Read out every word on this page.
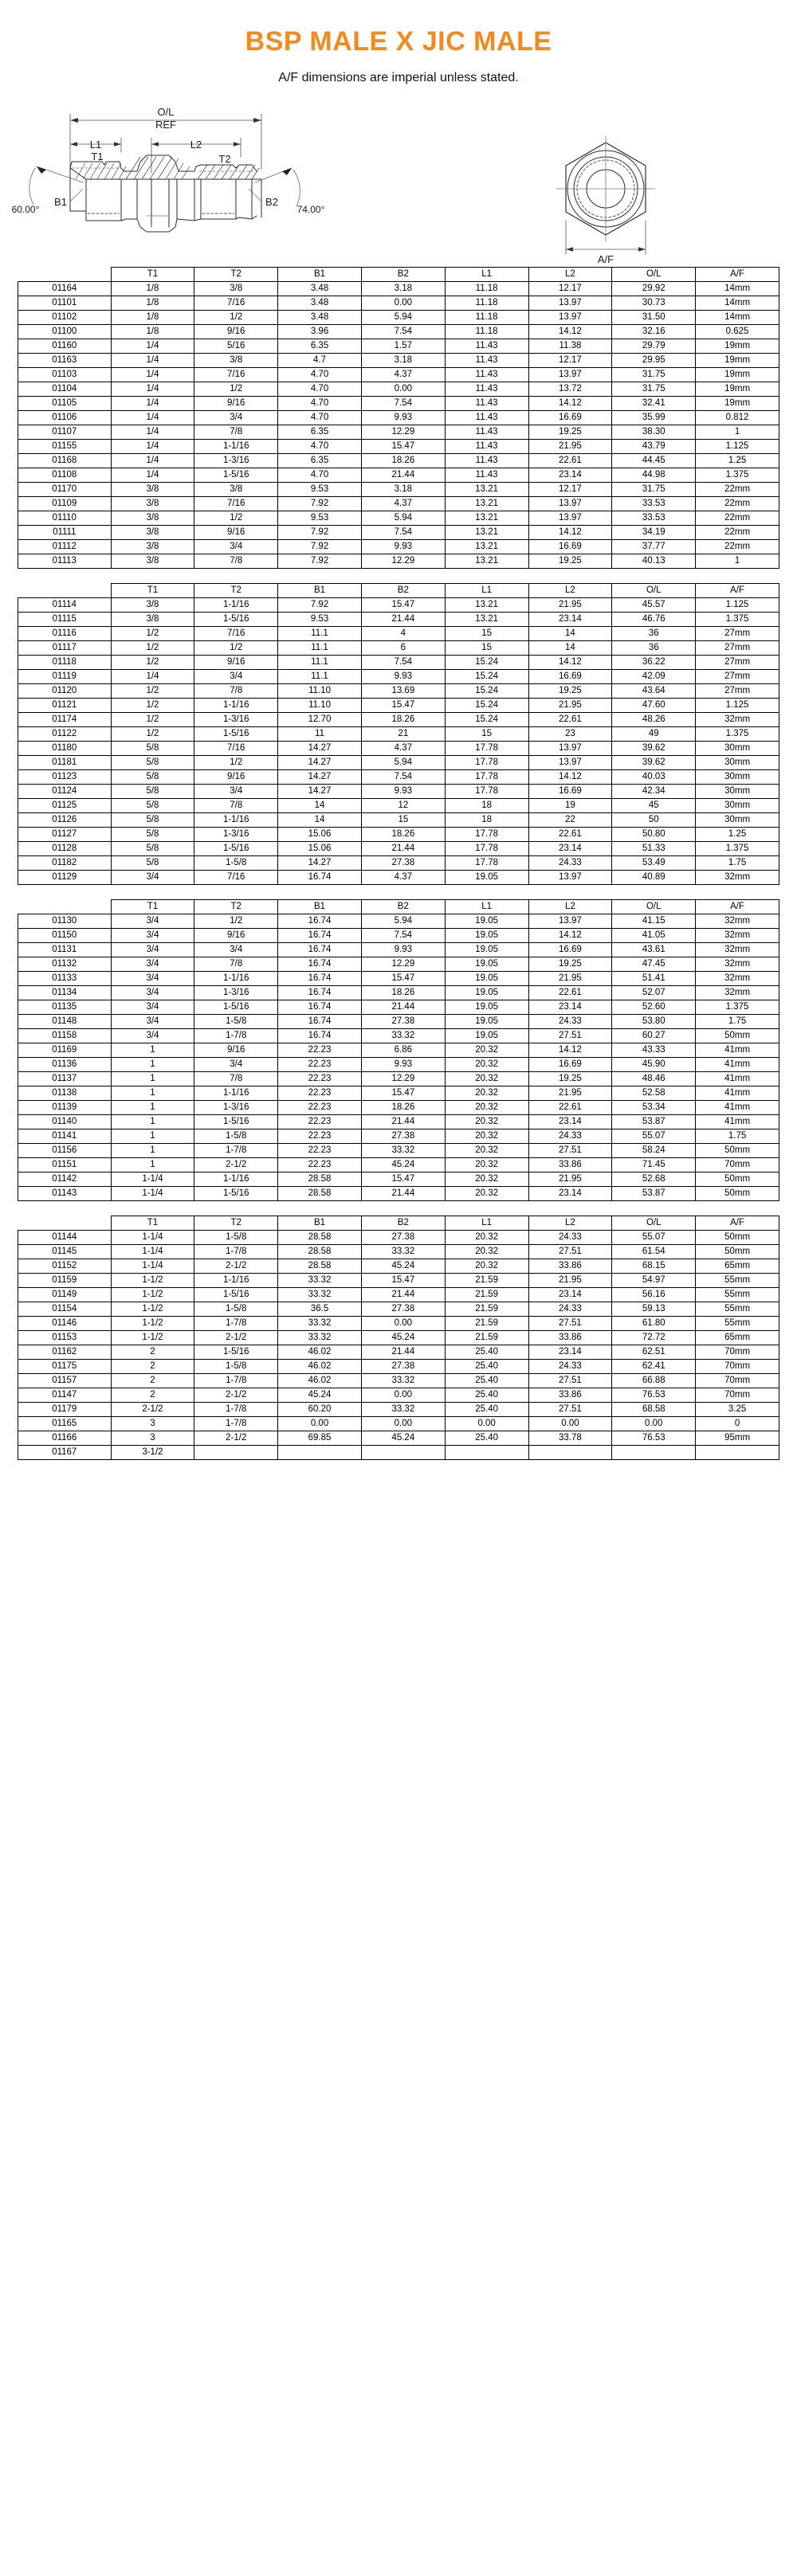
BSP MALE X JIC MALE

A/F dimensions are imperial unless stated.

O/L
REF
L1	L2
T1	T2
B1	B2
60.00°	74.00°
A/F
	T1	T2	B1	B2	L1	L2	O/L	A/F
01164	1/8	3/8	3.48	3.18	11.18	12.17	29.92	14mm
01101	1/8	7/16	3.48	0.00	11.18	13.97	30.73	14mm
01102	1/8	1/2	3.48	5.94	11.18	13.97	31.50	14mm
01100	1/8	9/16	3.96	7.54	11.18	14.12	32.16	0.625
01160	1/4	5/16	6.35	1.57	11.43	11.38	29.79	19mm
01163	1/4	3/8	4.7	3.18	11.43	12.17	29.95	19mm
01103	1/4	7/16	4.70	4.37	11.43	13.97	31.75	19mm
01104	1/4	1/2	4.70	0.00	11.43	13.72	31.75	19mm
01105	1/4	9/16	4.70	7.54	11.43	14.12	32.41	19mm
01106	1/4	3/4	4.70	9.93	11.43	16.69	35.99	0.812
01107	1/4	7/8	6.35	12.29	11.43	19.25	38.30	1
01155	1/4	1-1/16	4.70	15.47	11.43	21.95	43.79	1.125
01168	1/4	1-3/16	6.35	18.26	11.43	22.61	44.45	1.25
01108	1/4	1-5/16	4.70	21.44	11.43	23.14	44.98	1.375
01170	3/8	3/8	9.53	3.18	13.21	12.17	31.75	22mm
01109	3/8	7/16	7.92	4.37	13.21	13.97	33.53	22mm
01110	3/8	1/2	9.53	5.94	13.21	13.97	33.53	22mm
01111	3/8	9/16	7.92	7.54	13.21	14.12	34.19	22mm
01112	3/8	3/4	7.92	9.93	13.21	16.69	37.77	22mm
01113	3/8	7/8	7.92	12.29	13.21	19.25	40.13	1
	T1	T2	B1	B2	L1	L2	O/L	A/F
01114	3/8	1-1/16	7.92	15.47	13.21	21.95	45.57	1.125
01115	3/8	1-5/16	9.53	21.44	13.21	23.14	46.76	1.375
01116	1/2	7/16	11.1	4	15	14	36	27mm
01117	1/2	1/2	11.1	6	15	14	36	27mm
01118	1/2	9/16	11.1	7.54	15.24	14.12	36.22	27mm
01119	1/4	3/4	11.1	9.93	15.24	16.69	42.09	27mm
01120	1/2	7/8	11.10	13.69	15.24	19.25	43.64	27mm
01121	1/2	1-1/16	11.10	15.47	15.24	21.95	47.60	1.125
01174	1/2	1-3/16	12.70	18.26	15.24	22.61	48.26	32mm
01122	1/2	1-5/16	11	21	15	23	49	1.375
01180	5/8	7/16	14.27	4.37	17.78	13.97	39.62	30mm
01181	5/8	1/2	14.27	5.94	17.78	13.97	39.62	30mm
01123	5/8	9/16	14.27	7.54	17.78	14.12	40.03	30mm
01124	5/8	3/4	14.27	9.93	17.78	16.69	42.34	30mm
01125	5/8	7/8	14	12	18	19	45	30mm
01126	5/8	1-1/16	14	15	18	22	50	30mm
01127	5/8	1-3/16	15.06	18.26	17.78	22.61	50.80	1.25
01128	5/8	1-5/16	15.06	21.44	17.78	23.14	51.33	1.375
01182	5/8	1-5/8	14.27	27.38	17.78	24.33	53.49	1.75
01129	3/4	7/16	16.74	4.37	19.05	13.97	40.89	32mm
	T1	T2	B1	B2	L1	L2	O/L	A/F
01130	3/4	1/2	16.74	5.94	19.05	13.97	41.15	32mm
01150	3/4	9/16	16.74	7.54	19.05	14.12	41.05	32mm
01131	3/4	3/4	16.74	9.93	19.05	16.69	43.61	32mm
01132	3/4	7/8	16.74	12.29	19.05	19.25	47.45	32mm
01133	3/4	1-1/16	16.74	15.47	19.05	21.95	51.41	32mm
01134	3/4	1-3/16	16.74	18.26	19.05	22.61	52.07	32mm
01135	3/4	1-5/16	16.74	21.44	19.05	23.14	52.60	1.375
01148	3/4	1-5/8	16.74	27.38	19.05	24.33	53.80	1.75
01158	3/4	1-7/8	16.74	33.32	19.05	27.51	60.27	50mm
01169	1	9/16	22.23	6.86	20.32	14.12	43.33	41mm
01136	1	3/4	22.23	9.93	20.32	16.69	45.90	41mm
01137	1	7/8	22.23	12.29	20.32	19.25	48.46	41mm
01138	1	1-1/16	22.23	15.47	20.32	21.95	52.58	41mm
01139	1	1-3/16	22.23	18.26	20.32	22.61	53.34	41mm
01140	1	1-5/16	22.23	21.44	20.32	23.14	53.87	41mm
01141	1	1-5/8	22.23	27.38	20.32	24.33	55.07	1.75
01156	1	1-7/8	22.23	33.32	20.32	27.51	58.24	50mm
01151	1	2-1/2	22.23	45.24	20.32	33.86	71.45	70mm
01142	1-1/4	1-1/16	28.58	15.47	20.32	21.95	52.68	50mm
01143	1-1/4	1-5/16	28.58	21.44	20.32	23.14	53.87	50mm
	T1	T2	B1	B2	L1	L2	O/L	A/F
01144	1-1/4	1-5/8	28.58	27.38	20.32	24.33	55.07	50mm
01145	1-1/4	1-7/8	28.58	33.32	20.32	27.51	61.54	50mm
01152	1-1/4	2-1/2	28.58	45.24	20.32	33.86	68.15	65mm
01159	1-1/2	1-1/16	33.32	15.47	21.59	21.95	54.97	55mm
01149	1-1/2	1-5/16	33.32	21.44	21.59	23.14	56.16	55mm
01154	1-1/2	1-5/8	36.5	27.38	21.59	24.33	59.13	55mm
01146	1-1/2	1-7/8	33.32	0.00	21.59	27.51	61.80	55mm
01153	1-1/2	2-1/2	33.32	45.24	21.59	33.86	72.72	65mm
01162	2	1-5/16	46.02	21.44	25.40	23.14	62.51	70mm
01175	2	1-5/8	46.02	27.38	25.40	24.33	62.41	70mm
01157	2	1-7/8	46.02	33.32	25.40	27.51	66.88	70mm
01147	2	2-1/2	45.24	0.00	25.40	33.86	76.53	70mm
01179	2-1/2	1-7/8	60.20	33.32	25.40	27.51	68.58	3.25
01165	3	1-7/8	0.00	0.00	0.00	0.00	0.00	0
01166	3	2-1/2	69.85	45.24	25.40	33.78	76.53	95mm
01167	3-1/2							
